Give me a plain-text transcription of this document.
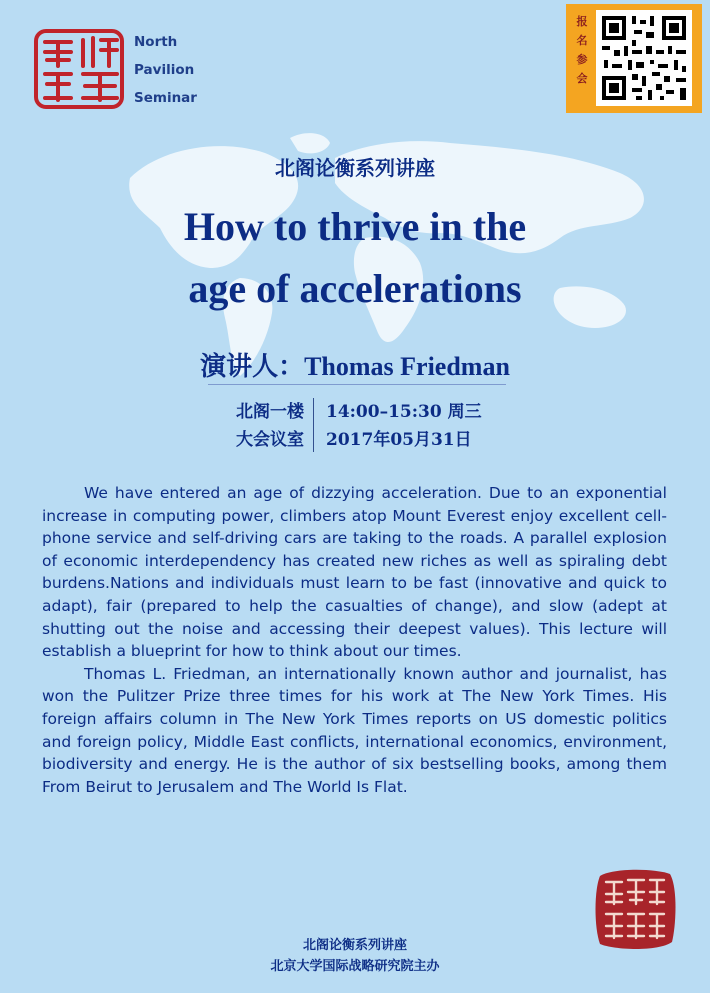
North
Pavilion
Seminar
报
名
参
会
北阁论衡系列讲座
How to thrive in the
age of accelerations
演讲人：Thomas Friedman
北阁一楼
大会议室
14:00–15:30 周三
2017年05月31日

We have entered an age of dizzying acceleration. Due to an exponential increase in computing power, climbers atop Mount Everest enjoy excellent cell-phone service and self-driving cars are taking to the roads. A parallel explosion of economic interdependency has created new riches as well as spiraling debt burdens.Nations and individuals must learn to be fast (innovative and quick to adapt), fair (prepared to help the casualties of change), and slow (adept at shutting out the noise and accessing their deepest values). This lecture will establish a blueprint for how to think about our times.

Thomas L. Friedman, an internationally known author and journalist, has won the Pulitzer Prize three times for his work at The New York Times. His foreign affairs column in The New York Times reports on US domestic politics and foreign policy, Middle East conflicts, international economics, environment, biodiversity and energy. He is the author of six bestselling books, among them From Beirut to Jerusalem and The World Is Flat.

北阁论衡系列讲座
北京大学国际战略研究院主办
